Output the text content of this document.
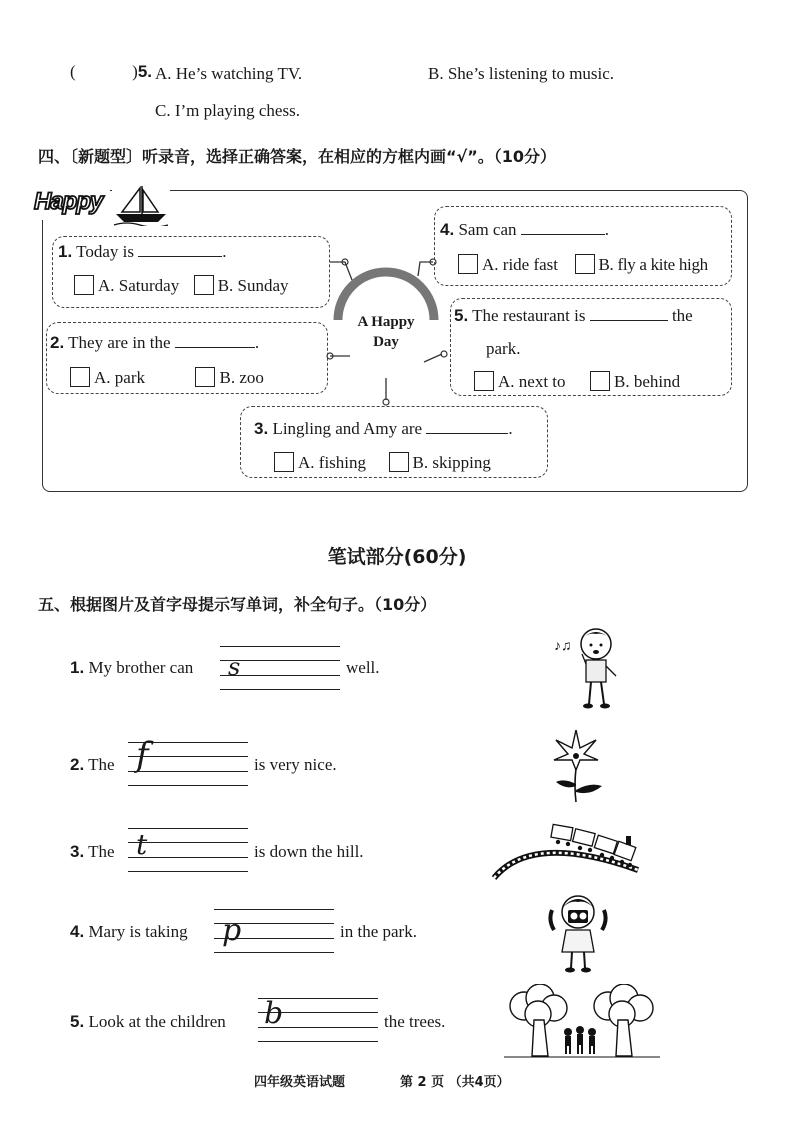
(	)5. A. He’s watching TV.	B. She’s listening to music.
C. I’m playing chess.
四、〔新题型〕听录音，选择正确答案，在相应的方框内画“√”。（10分）
Happy
A Happy
Day
1. Today is	.
A. Saturday B. Sunday
2. They are in the	.
A. park	B. zoo
3. Lingling and Amy are	.
A. fishing	B. skipping
4. Sam can	.
A. ride fast B. fly a kite high
5. The restaurant is	the
park.
A. next to	B. behind
笔试部分(60分)
五、根据图片及首字母提示写单词，补全句子。（10分）
1. My brother can s	well.
2. The f	is very nice.
3. The t	is down the hill.
4. Mary is taking p	in the park.
5. Look at the children b	the trees.
♪♫
四年级英语试题	第 2 页 （共4页）
